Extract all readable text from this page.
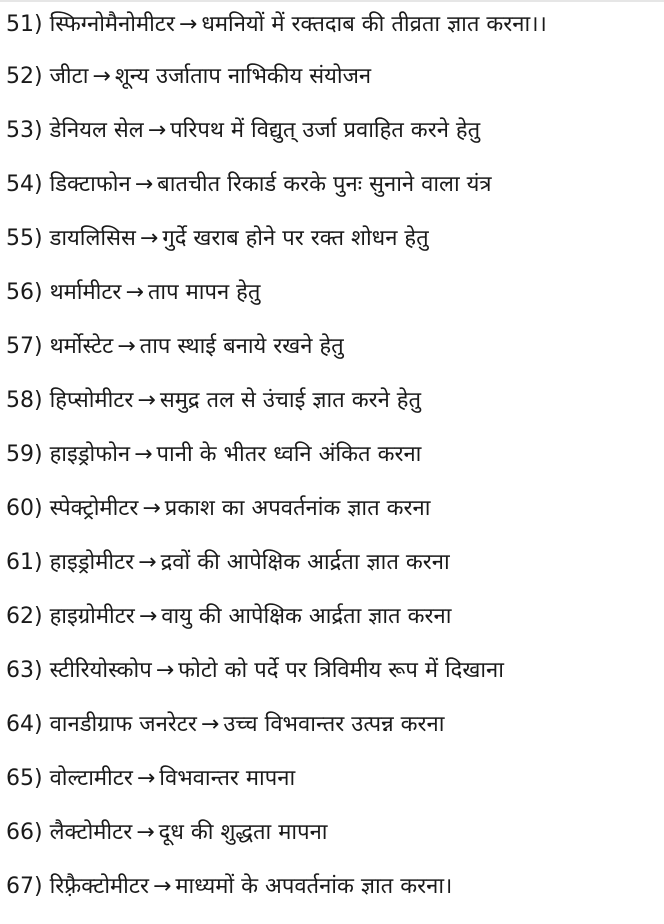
51) स्फिग्नोमैनोमीटर → धमनियों में रक्तदाब की तीव्रता ज्ञात करना।।
52) जीटा → शून्य उर्जाताप नाभिकीय संयोजन
53) डेनियल सेल → परिपथ में विद्युत् उर्जा प्रवाहित करने हेतु
54) डिक्टाफोन → बातचीत रिकार्ड करके पुनः सुनाने वाला यंत्र
55) डायलिसिस → गुर्दे खराब होने पर रक्त शोधन हेतु
56) थर्मामीटर → ताप मापन हेतु
57) थर्मोस्टेट → ताप स्थाई बनाये रखने हेतु
58) हिप्सोमीटर → समुद्र तल से उंचाई ज्ञात करने हेतु
59) हाइड्रोफोन → पानी के भीतर ध्वनि अंकित करना
60) स्पेक्ट्रोमीटर → प्रकाश का अपवर्तनांक ज्ञात करना
61) हाइड्रोमीटर → द्रवों की आपेक्षिक आर्द्रता ज्ञात करना
62) हाइग्रोमीटर → वायु की आपेक्षिक आर्द्रता ज्ञात करना
63) स्टीरियोस्कोप → फोटो को पर्दे पर त्रिविमीय रूप में दिखाना
64) वानडीग्राफ जनरेटर → उच्च विभवान्तर उत्पन्न करना
65) वोल्टामीटर → विभवान्तर मापना
66) लैक्टोमीटर → दूध की शुद्धता मापना
67) रिफ़्रैक्टोमीटर → माध्यमों के अपवर्तनांक ज्ञात करना।
